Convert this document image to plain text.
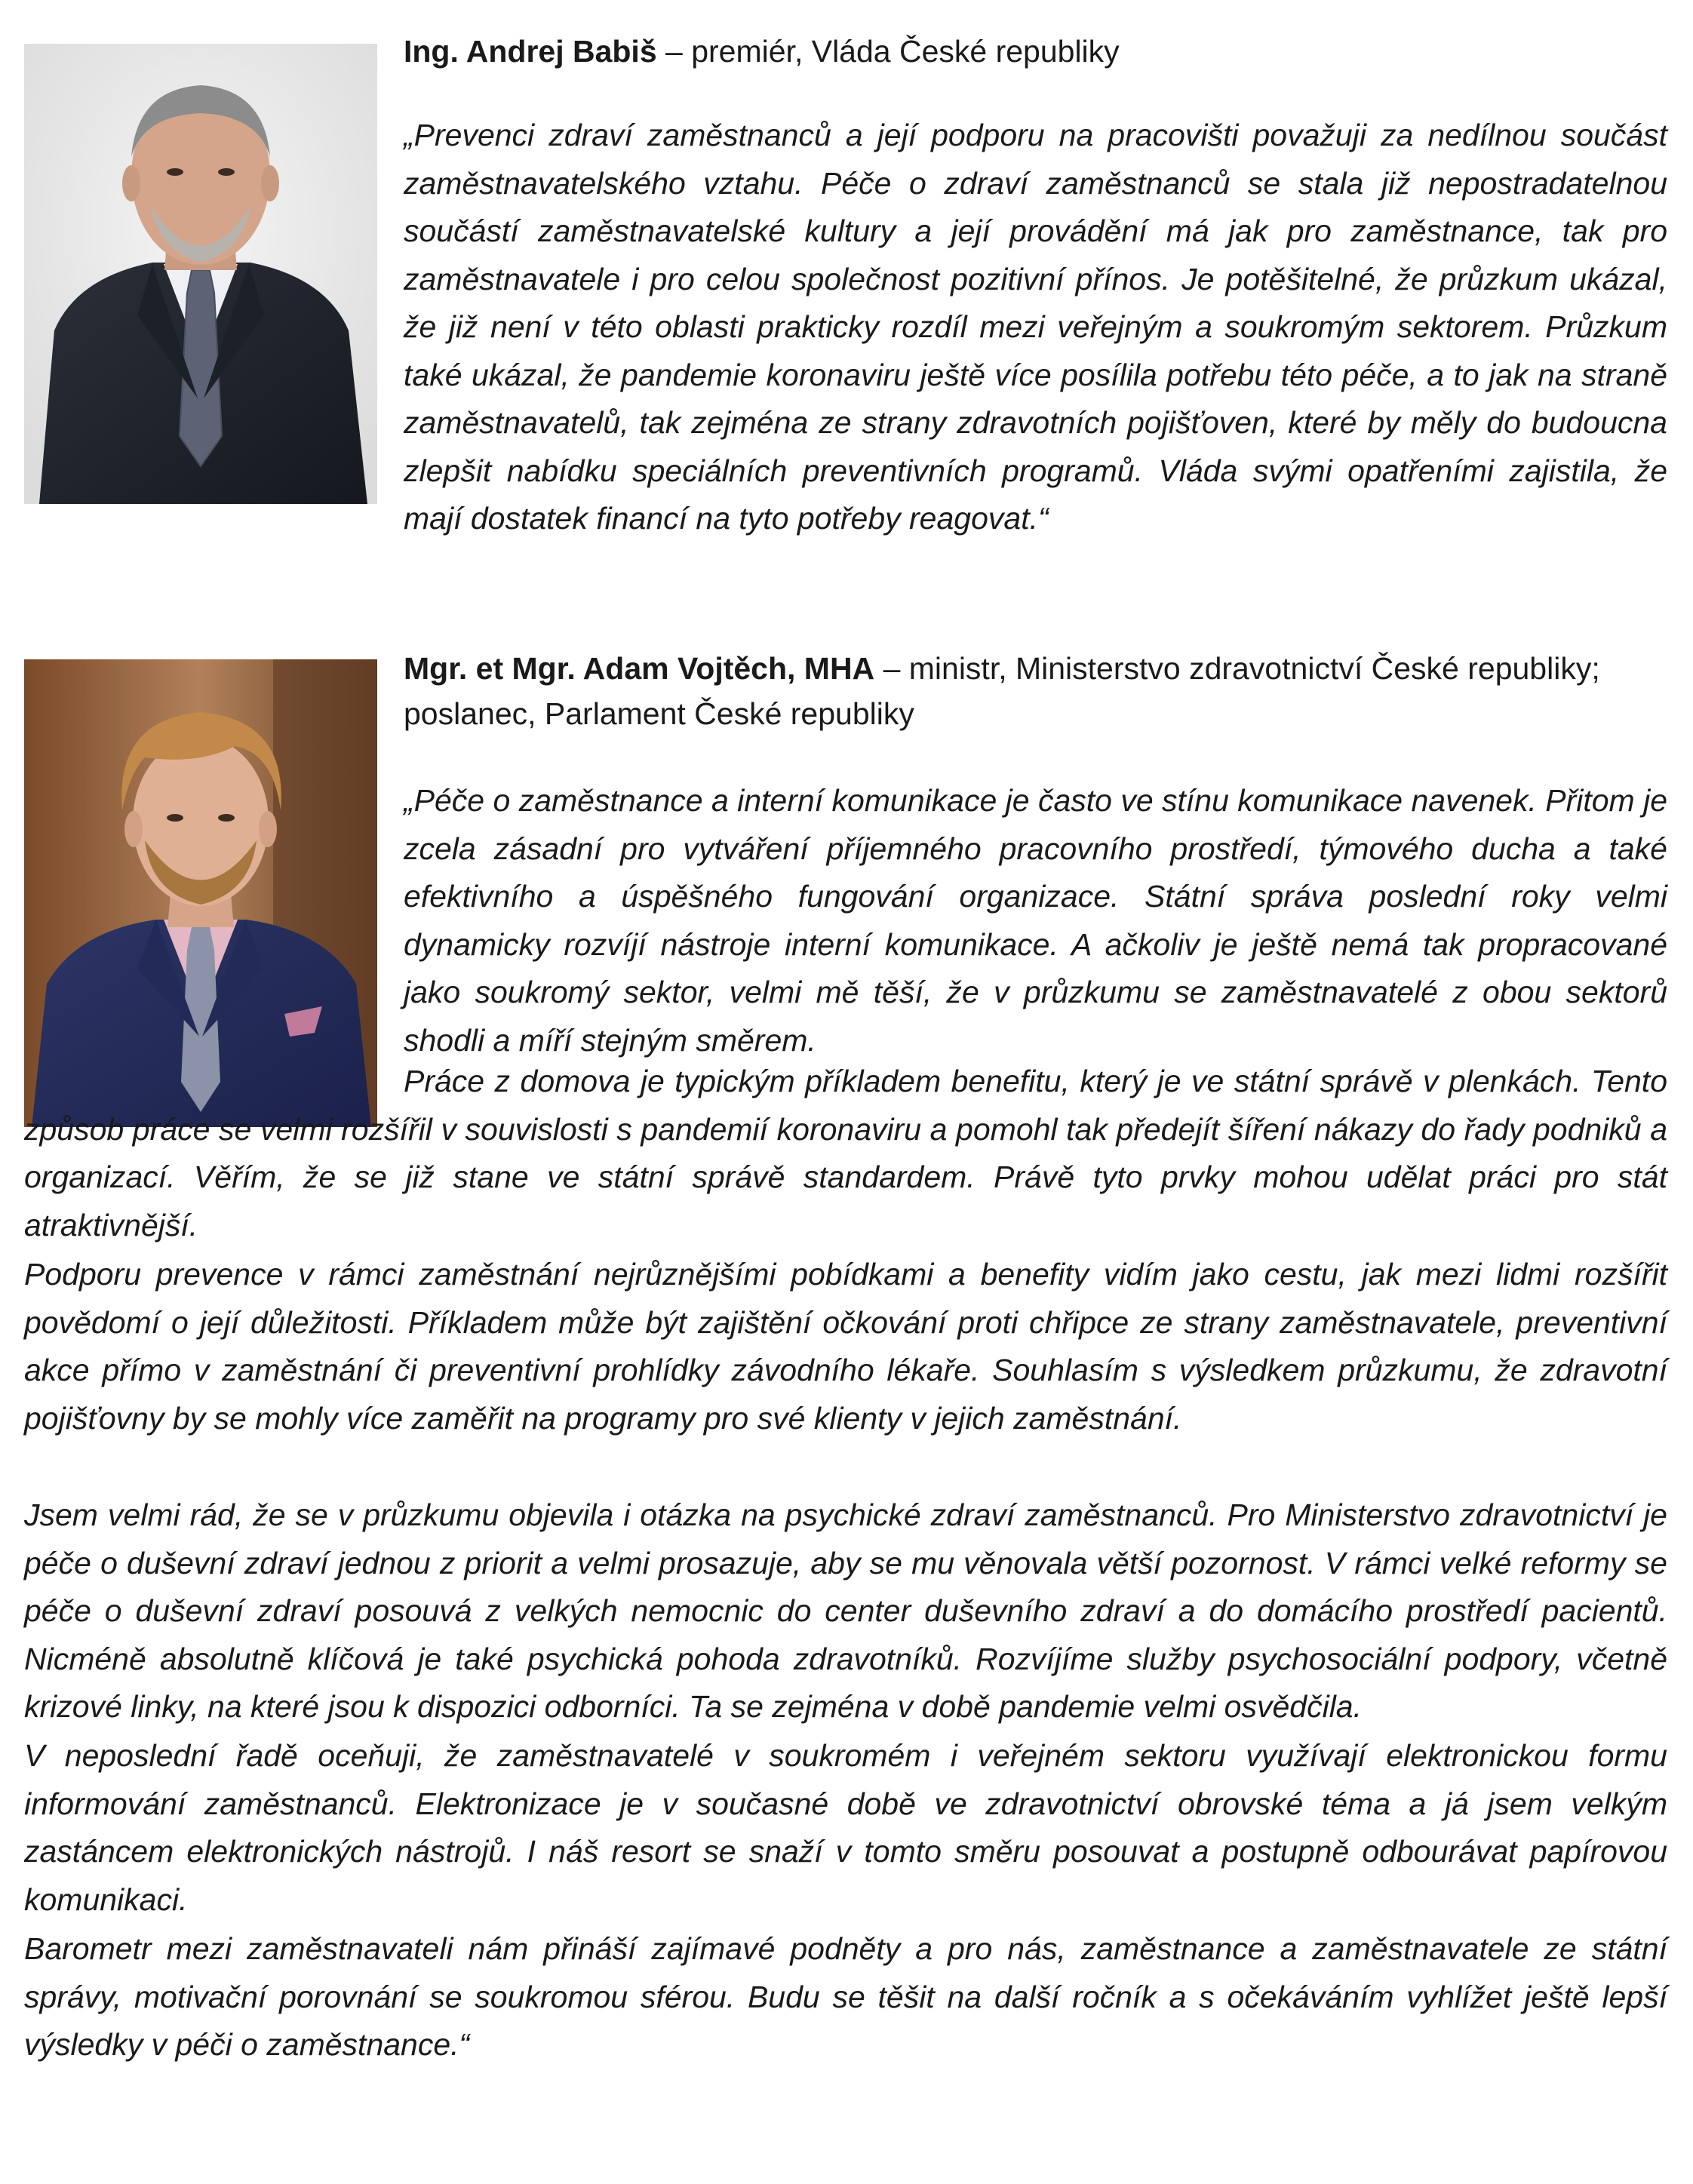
Ing. Andrej Babiš – premiér, Vláda České republiky

„Prevenci zdraví zaměstnanců a její podporu na pracovišti považuji za nedílnou součást zaměstnavatelského vztahu. Péče o zdraví zaměstnanců se stala již nepostradatelnou součástí zaměstnavatelské kultury a její provádění má jak pro zaměstnance, tak pro zaměstnavatele i pro celou společnost pozitivní přínos. Je potěšitelné, že průzkum ukázal, že již není v této oblasti prakticky rozdíl mezi veřejným a soukromým sektorem. Průzkum také ukázal, že pandemie koronaviru ještě více posílila potřebu této péče, a to jak na straně zaměstnavatelů, tak zejména ze strany zdravotních pojišťoven, které by měly do budoucna zlepšit nabídku speciálních preventivních programů. Vláda svými opatřeními zajistila, že mají dostatek financí na tyto potřeby reagovat.“

Mgr. et Mgr. Adam Vojtěch, MHA – ministr, Ministerstvo zdravotnictví České republiky; poslanec, Parlament České republiky

„Péče o zaměstnance a interní komunikace je často ve stínu komunikace navenek. Přitom je zcela zásadní pro vytváření příjemného pracovního prostředí, týmového ducha a také efektivního a úspěšného fungování organizace. Státní správa poslední roky velmi dynamicky rozvíjí nástroje interní komunikace. A ačkoliv je ještě nemá tak propracované jako soukromý sektor, velmi mě těší, že v průzkumu se zaměstnavatelé z obou sektorů shodli a míří stejným směrem.

Práce z domova je typickým příkladem benefitu, který je ve státní správě v plenkách. Tento způsob práce se velmi rozšířil v souvislosti s pandemií koronaviru a pomohl tak předejít šíření nákazy do řady podniků a organizací. Věřím, že se již stane ve státní správě standardem. Právě tyto prvky mohou udělat práci pro stát atraktivnější.

Podporu prevence v rámci zaměstnání nejrůznějšími pobídkami a benefity vidím jako cestu, jak mezi lidmi rozšířit povědomí o její důležitosti. Příkladem může být zajištění očkování proti chřipce ze strany zaměstnavatele, preventivní akce přímo v zaměstnání či preventivní prohlídky závodního lékaře. Souhlasím s výsledkem průzkumu, že zdravotní pojišťovny by se mohly více zaměřit na programy pro své klienty v jejich zaměstnání.

Jsem velmi rád, že se v průzkumu objevila i otázka na psychické zdraví zaměstnanců. Pro Ministerstvo zdravotnictví je péče o duševní zdraví jednou z priorit a velmi prosazuje, aby se mu věnovala větší pozornost. V rámci velké reformy se péče o duševní zdraví posouvá z velkých nemocnic do center duševního zdraví a do domácího prostředí pacientů. Nicméně absolutně klíčová je také psychická pohoda zdravotníků. Rozvíjíme služby psychosociální podpory, včetně krizové linky, na které jsou k dispozici odborníci. Ta se zejména v době pandemie velmi osvědčila.

V neposlední řadě oceňuji, že zaměstnavatelé v soukromém i veřejném sektoru využívají elektronickou formu informování zaměstnanců. Elektronizace je v současné době ve zdravotnictví obrovské téma a já jsem velkým zastáncem elektronických nástrojů. I náš resort se snaží v tomto směru posouvat a postupně odbourávat papírovou komunikaci.

Barometr mezi zaměstnavateli nám přináší zajímavé podněty a pro nás, zaměstnance a zaměstnavatele ze státní správy, motivační porovnání se soukromou sférou. Budu se těšit na další ročník a s očekáváním vyhlížet ještě lepší výsledky v péči o zaměstnance.“
